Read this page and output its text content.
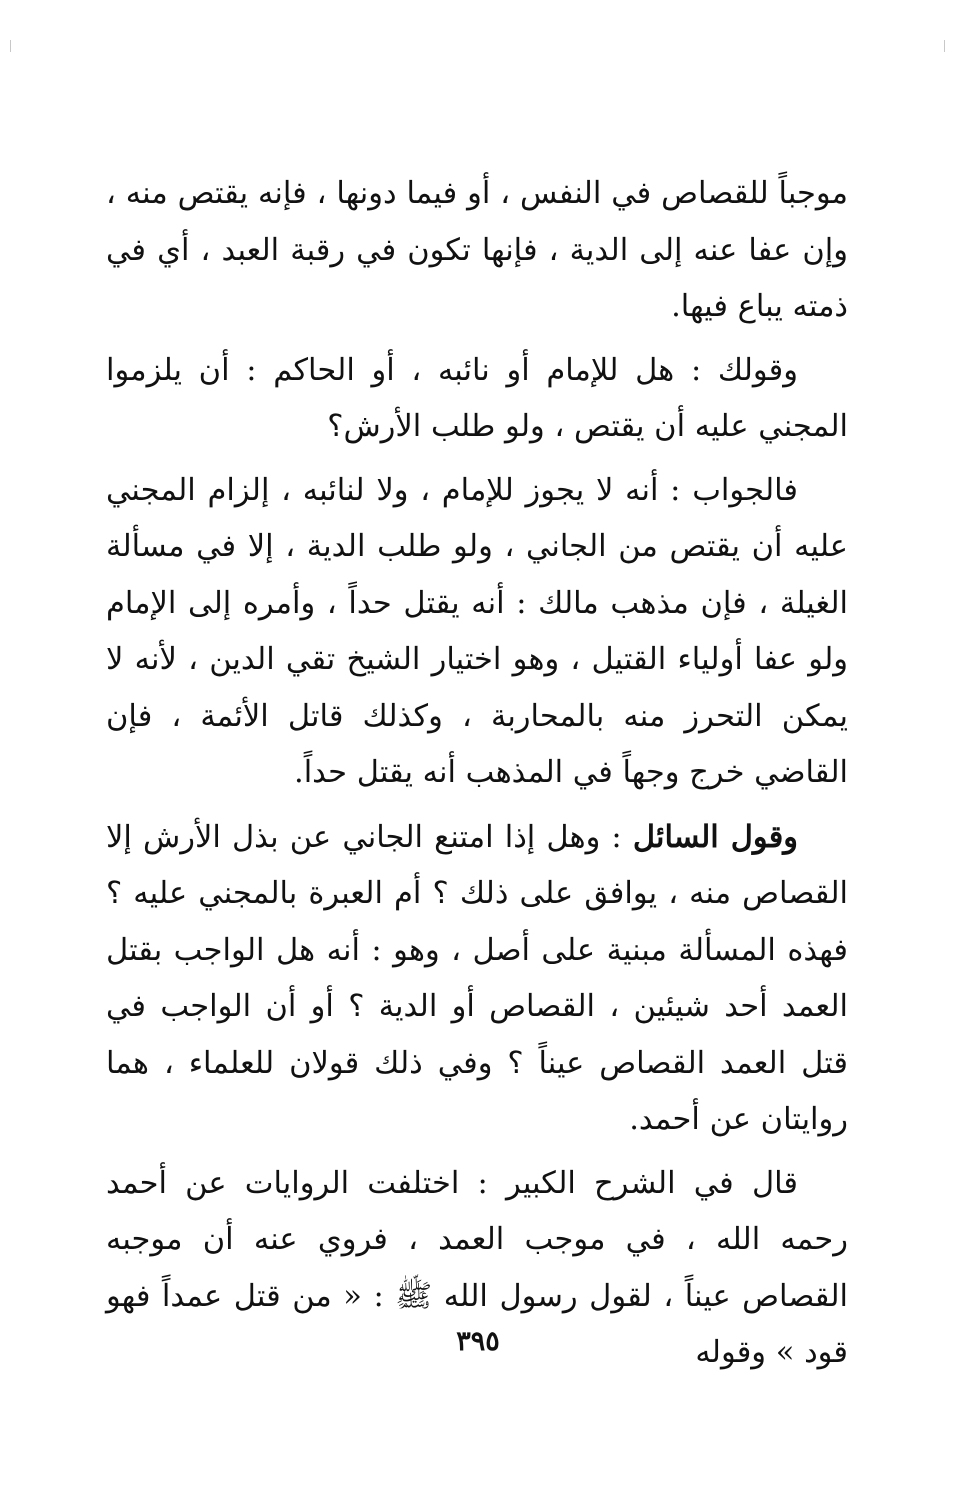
موجباً للقصاص في النفس ، أو فيما دونها ، فإنه يقتص منه ، وإن عفا عنه إلى الدية ، فإنها تكون في رقبة العبد ، أي في ذمته يباع فيها.

وقولك : هل للإمام أو نائبه ، أو الحاكم : أن يلزموا المجني عليه أن يقتص ، ولو طلب الأرش؟

فالجواب : أنه لا يجوز للإمام ، ولا لنائبه ، إلزام المجني عليه أن يقتص من الجاني ، ولو طلب الدية ، إلا في مسألة الغيلة ، فإن مذهب مالك : أنه يقتل حداً ، وأمره إلى الإمام ولو عفا أولياء القتيل ، وهو اختيار الشيخ تقي الدين ، لأنه لا يمكن التحرز منه بالمحاربة ، وكذلك قاتل الأئمة ، فإن القاضي خرج وجهاً في المذهب أنه يقتل حداً.

وقول السائل : وهل إذا امتنع الجاني عن بذل الأرش إلا القصاص منه ، يوافق على ذلك ؟ أم العبرة بالمجني عليه ؟ فهذه المسألة مبنية على أصل ، وهو : أنه هل الواجب بقتل العمد أحد شيئين ، القصاص أو الدية ؟ أو أن الواجب في قتل العمد القصاص عيناً ؟ وفي ذلك قولان للعلماء ، هما روايتان عن أحمد.

قال في الشرح الكبير : اختلفت الروايات عن أحمد رحمه الله ، في موجب العمد ، فروي عنه أن موجبه القصاص عيناً ، لقول رسول الله ﷺ : « من قتل عمداً فهو قود » وقوله

٣٩٥
